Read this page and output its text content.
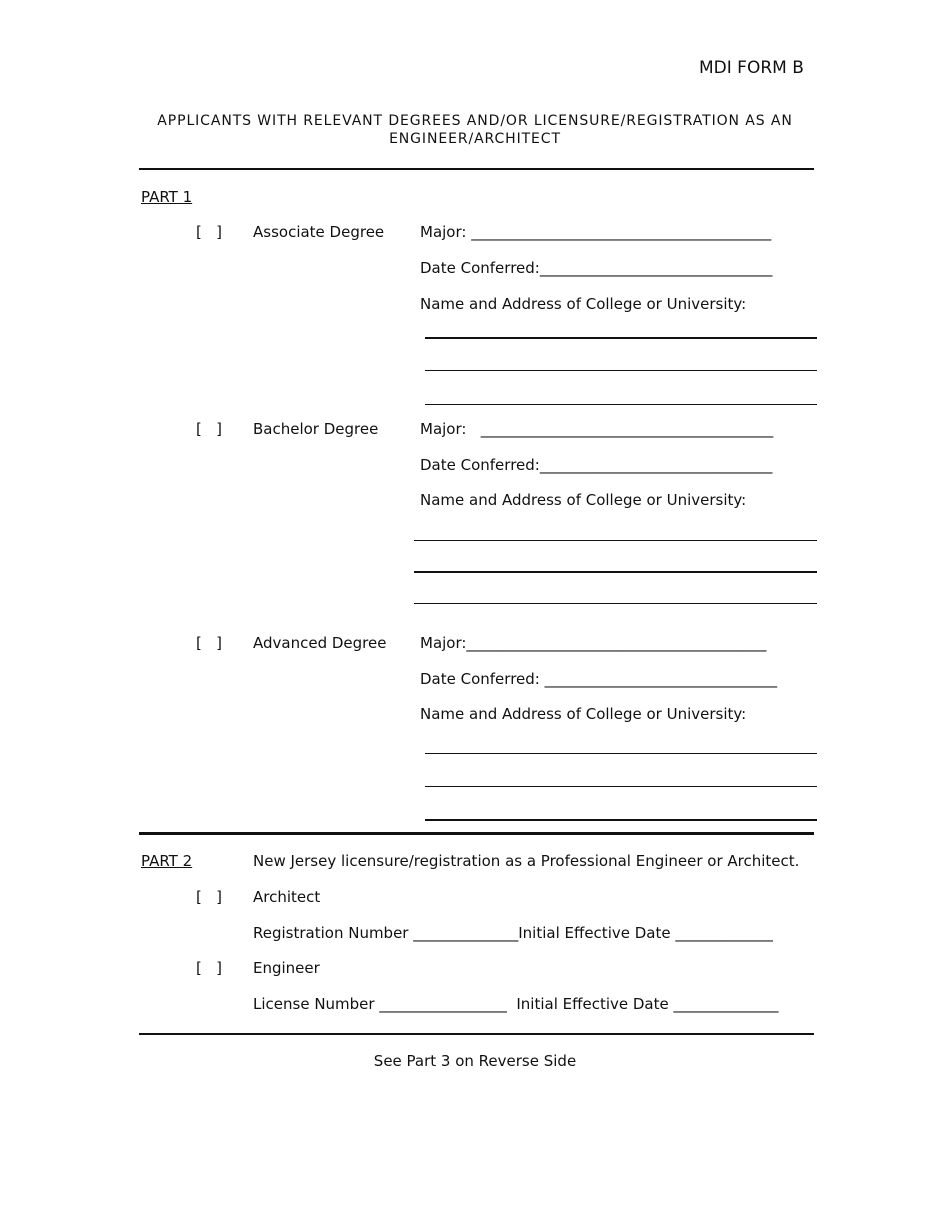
MDI FORM B
APPLICANTS WITH RELEVANT DEGREES AND/OR LICENSURE/REGISTRATION AS AN
ENGINEER/ARCHITECT
PART 1
[   ] Associate Degree Major: ________________________________________
Date Conferred:_______________________________
Name and Address of College or University:
[   ] Bachelor Degree	Major:   _______________________________________
Date Conferred:_______________________________
Name and Address of College or University:
[   ] Advanced Degree Major:________________________________________
Date Conferred: _______________________________
Name and Address of College or University:
PART 2	New Jersey licensure/registration as a Professional Engineer or Architect.
[   ] Architect
Registration Number ______________Initial Effective Date _____________
[   ] Engineer
License Number _________________  Initial Effective Date ______________
See Part 3 on Reverse Side
